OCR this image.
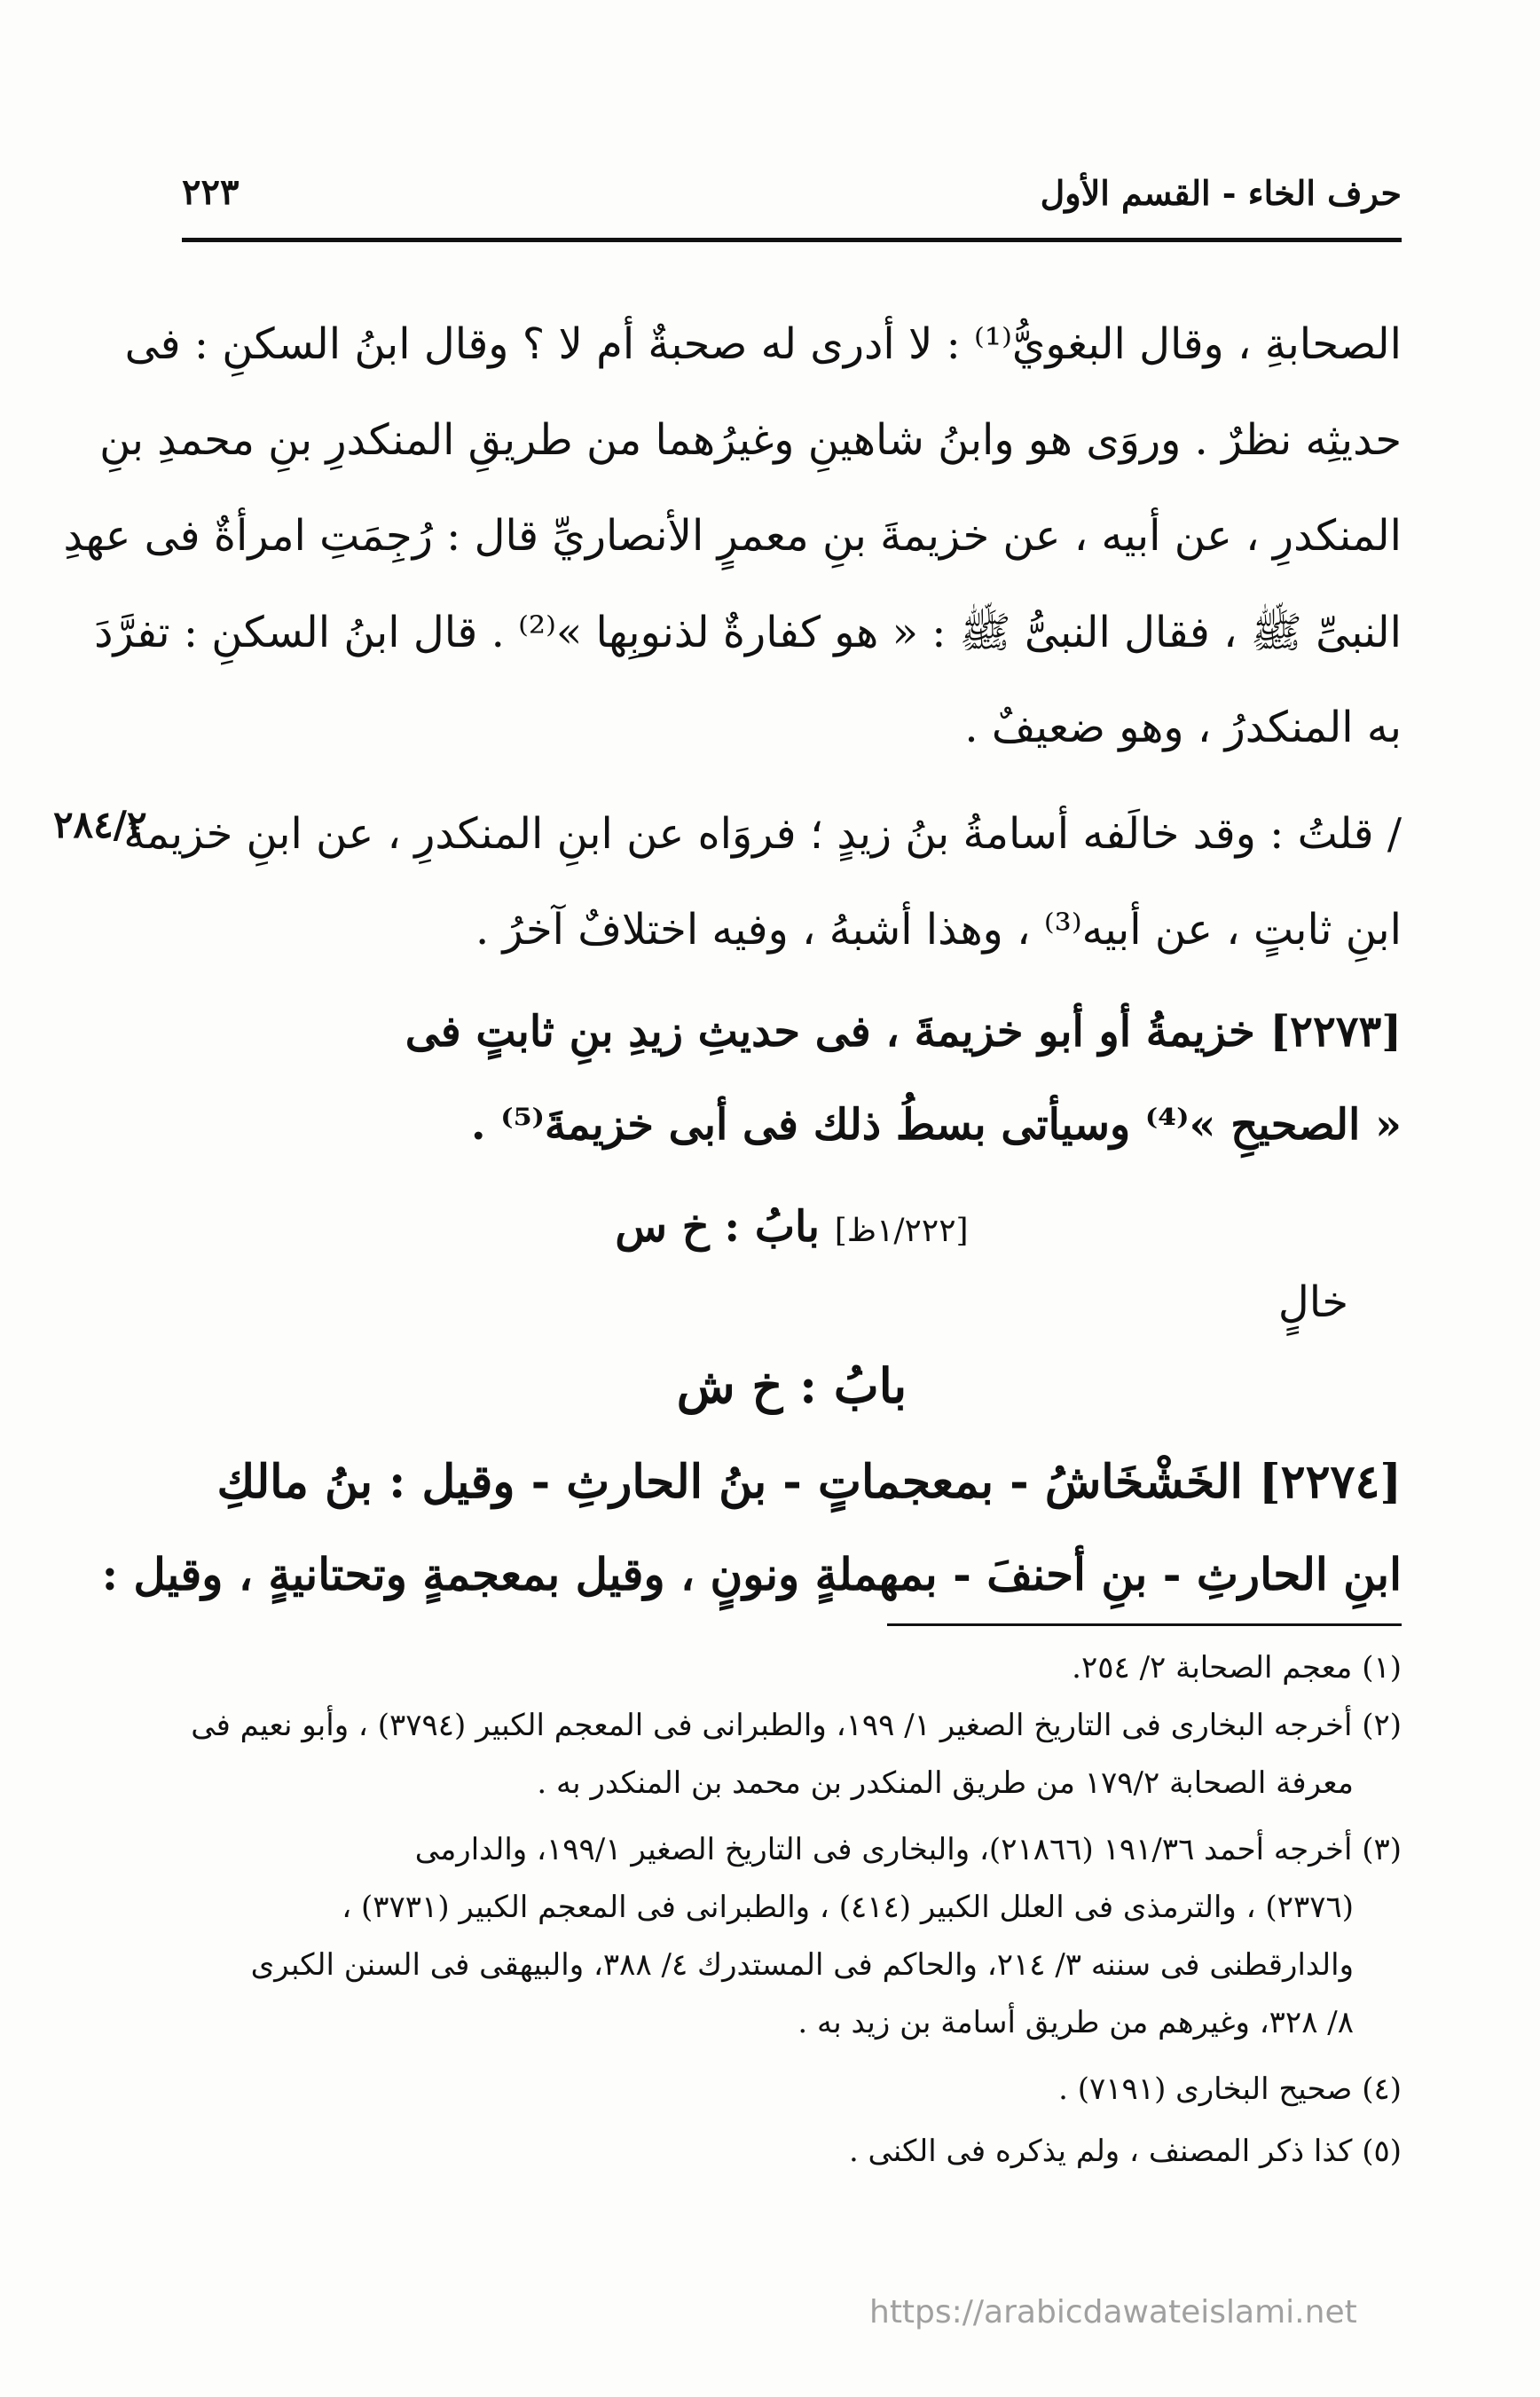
حرف الخاء - القسم الأول
٢٢٣
الصحابةِ ، وقال البغويُّ⁽¹⁾ : لا أدرى له صحبةٌ أم لا ؟ وقال ابنُ السكنِ : فى
حديثِه نظرٌ . وروَى هو وابنُ شاهينِ وغيرُهما من طريقِ المنكدرِ بنِ محمدِ بنِ
المنكدرِ ، عن أبيه ، عن خزيمةَ بنِ معمرٍ الأنصاريِّ قال : رُجِمَتِ امرأةٌ فى عهدِ
النبىِّ ﷺ ، فقال النبىُّ ﷺ : « هو كفارةٌ لذنوبِها »⁽²⁾ . قال ابنُ السكنِ : تفرَّدَ
به المنكدرُ ، وهو ضعيفٌ .
/ قلتُ : وقد خالَفه أسامةُ بنُ زيدٍ ؛ فروَاه عن ابنِ المنكدرِ ، عن ابنِ خزيمةَ
ابنِ ثابتٍ ، عن أبيه⁽³⁾ ، وهذا أشبهُ ، وفيه اختلافٌ آخرُ .
[٢٢٧٣] خزيمةُ أو أبو خزيمةَ ، فى حديثِ زيدِ بنِ ثابتٍ فى
« الصحيحِ »⁽⁴⁾ وسيأتى بسطُ ذلك فى أبى خزيمةَ⁽⁵⁾ .
[١/٢٢٢ظ] بابُ : خ س
خالٍ
بابُ : خ ش
[٢٢٧٤] الخَشْخَاشُ - بمعجماتٍ - بنُ الحارثِ - وقيل : بنُ مالكِ
ابنِ الحارثِ - بنِ أحنفَ - بمهملةٍ ونونٍ ، وقيل بمعجمةٍ وتحتانيةٍ ، وقيل :
٢٨٤/٢
(١) معجم الصحابة ٢/ ٢٥٤.
(٢) أخرجه البخارى فى التاريخ الصغير ١/ ١٩٩، والطبرانى فى المعجم الكبير (٣٧٩٤) ، وأبو نعيم فى
معرفة الصحابة ١٧٩/٢ من طريق المنكدر بن محمد بن المنكدر به .
(٣) أخرجه أحمد ١٩١/٣٦ (٢١٨٦٦)، والبخارى فى التاريخ الصغير ١٩٩/١، والدارمى
(٢٣٧٦) ، والترمذى فى العلل الكبير (٤١٤) ، والطبرانى فى المعجم الكبير (٣٧٣١) ،
والدارقطنى فى سننه ٣/ ٢١٤، والحاكم فى المستدرك ٤/ ٣٨٨، والبيهقى فى السنن الكبرى
٨/ ٣٢٨، وغيرهم من طريق أسامة بن زيد به .
(٤) صحيح البخارى (٧١٩١) .
(٥) كذا ذكر المصنف ، ولم يذكره فى الكنى .
https://arabicdawateislami.net
